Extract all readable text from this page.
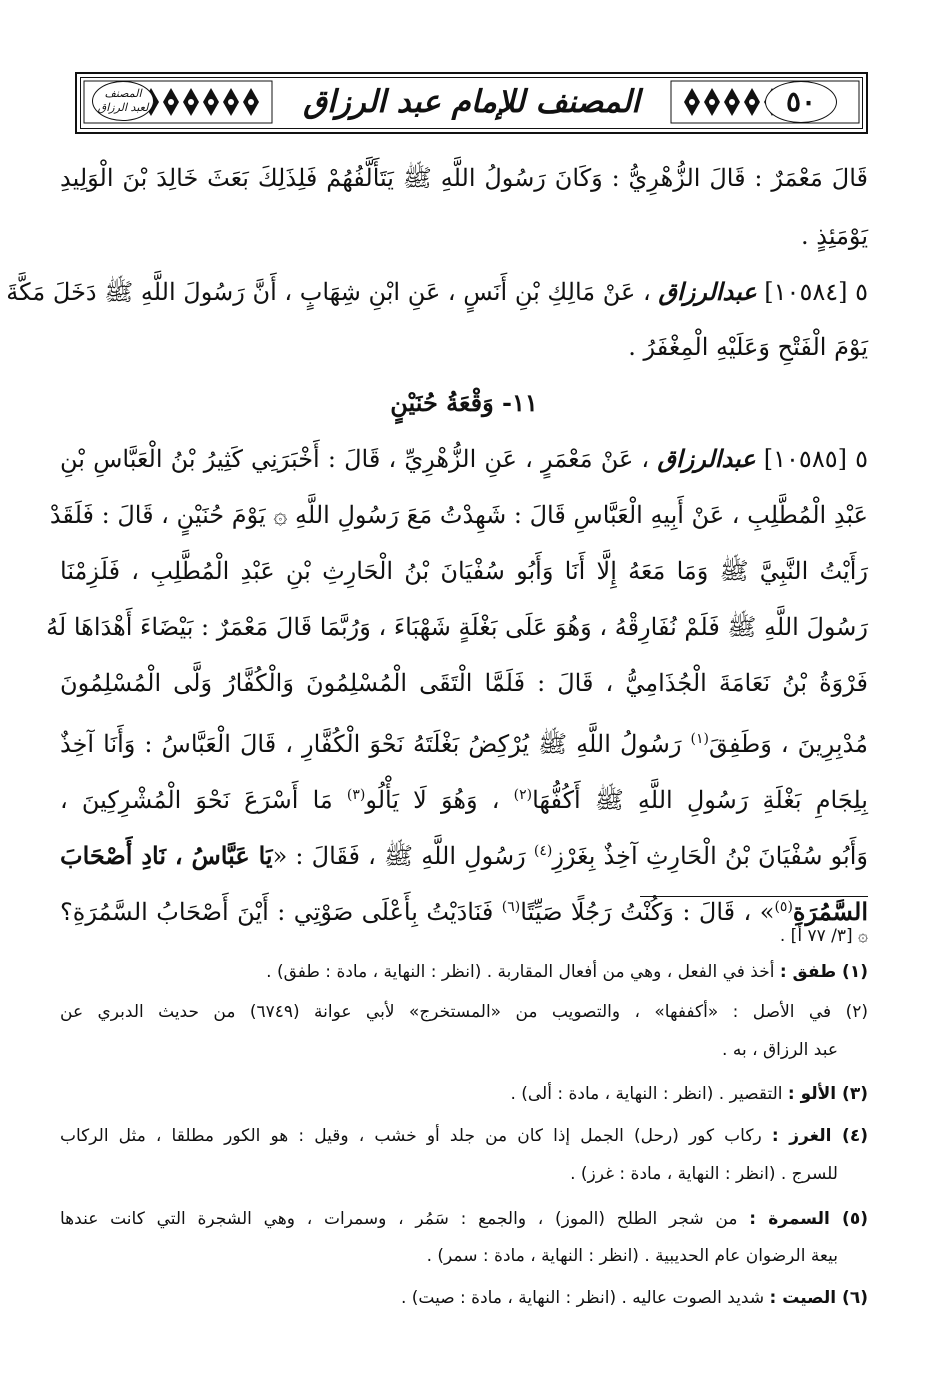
المصنف للإمام عبد الرزاق
المصنف
لعبد الرزاق	٥٠
قَالَ مَعْمَرٌ : قَالَ الزُّهْرِيُّ : وَكَانَ رَسُولُ اللَّهِ ﷺ يَتَأَلَّفُهُمْ فَلِذَلِكَ بَعَثَ خَالِدَ بْنَ الْوَلِيدِ
يَوْمَئِذٍ .
٥ [١٠٥٨٤] عبدالرزاق ، عَنْ مَالِكِ بْنِ أَنَسٍ ، عَنِ ابْنِ شِهَابٍ ، أَنَّ رَسُولَ اللَّهِ ﷺ دَخَلَ مَكَّةَ
يَوْمَ الْفَتْحِ وَعَلَيْهِ الْمِغْفَرُ .
١١- وَقْعَةُ حُنَيْنٍ
٥ [١٠٥٨٥] عبدالرزاق ، عَنْ مَعْمَرٍ ، عَنِ الزُّهْرِيِّ ، قَالَ : أَخْبَرَنِي كَثِيرُ بْنُ الْعَبَّاسِ بْنِ
عَبْدِ الْمُطَّلِبِ ، عَنْ أَبِيهِ الْعَبَّاسِ قَالَ : شَهِدْتُ مَعَ رَسُولِ اللَّهِ ۞ يَوْمَ حُنَيْنٍ ، قَالَ : فَلَقَدْ
رَأَيْتُ النَّبِيَّ ﷺ وَمَا مَعَهُ إِلَّا أَنَا وَأَبُو سُفْيَانَ بْنُ الْحَارِثِ بْنِ عَبْدِ الْمُطَّلِبِ ، فَلَزِمْنَا
رَسُولَ اللَّهِ ﷺ فَلَمْ نُفَارِقْهُ ، وَهُوَ عَلَى بَغْلَةٍ شَهْبَاءَ ، وَرُبَّمَا قَالَ مَعْمَرٌ : بَيْضَاءَ أَهْدَاهَا لَهُ
فَرْوَةُ بْنُ نَعَامَةَ الْجُذَامِيُّ ، قَالَ : فَلَمَّا الْتَقَى الْمُسْلِمُونَ وَالْكُفَّارُ وَلَّى الْمُسْلِمُونَ
مُدْبِرِينَ ، وَطَفِقَ$^{(١)}$ رَسُولُ اللَّهِ ﷺ يُرْكِضُ بَغْلَتَهُ نَحْوَ الْكُفَّارِ ، قَالَ الْعَبَّاسُ : وَأَنَا آخِذٌ
بِلِجَامِ بَغْلَةِ رَسُولِ اللَّهِ ﷺ أَكُفُّهَا$^{(٢)}$ ، وَهُوَ لَا يَأْلُو$^{(٣)}$ مَا أَسْرَعَ نَحْوَ الْمُشْرِكِينَ ،
وَأَبُو سُفْيَانَ بْنُ الْحَارِثِ آخِذٌ بِغَرْزِ$^{(٤)}$ رَسُولِ اللَّهِ ﷺ ، فَقَالَ : «يَا عَبَّاسُ ، نَادِ أَصْحَابَ
السَّمُرَةِ$^{(٥)}$» ، قَالَ : وَكُنْتُ رَجُلًا صَيِّتًا$^{(٦)}$ فَنَادَيْتُ بِأَعْلَى صَوْتِي : أَيْنَ أَصْحَابُ السَّمُرَةِ؟
۞ [٣/ ٧٧ أ] .
(١) طفق : أخذ في الفعل ، وهي من أفعال المقاربة . (انظر : النهاية ، مادة : طفق) .
(٢) في الأصل : «أكففها» ، والتصويب من «المستخرج» لأبي عوانة (٦٧٤٩) من حديث الدبري عن
عبد الرزاق ، به .
(٣) الألو : التقصير . (انظر : النهاية ، مادة : ألى) .
(٤) الغرز : ركاب كور (رحل) الجمل إذا كان من جلد أو خشب ، وقيل : هو الكور مطلقا ، مثل الركاب
للسرج . (انظر : النهاية ، مادة : غرز) .
(٥) السمرة : من شجر الطلح (الموز) ، والجمع : سَمُر ، وسمرات ، وهي الشجرة التي كانت عندها
بيعة الرضوان عام الحديبية . (انظر : النهاية ، مادة : سمر) .
(٦) الصيت : شديد الصوت عاليه . (انظر : النهاية ، مادة : صيت) .
